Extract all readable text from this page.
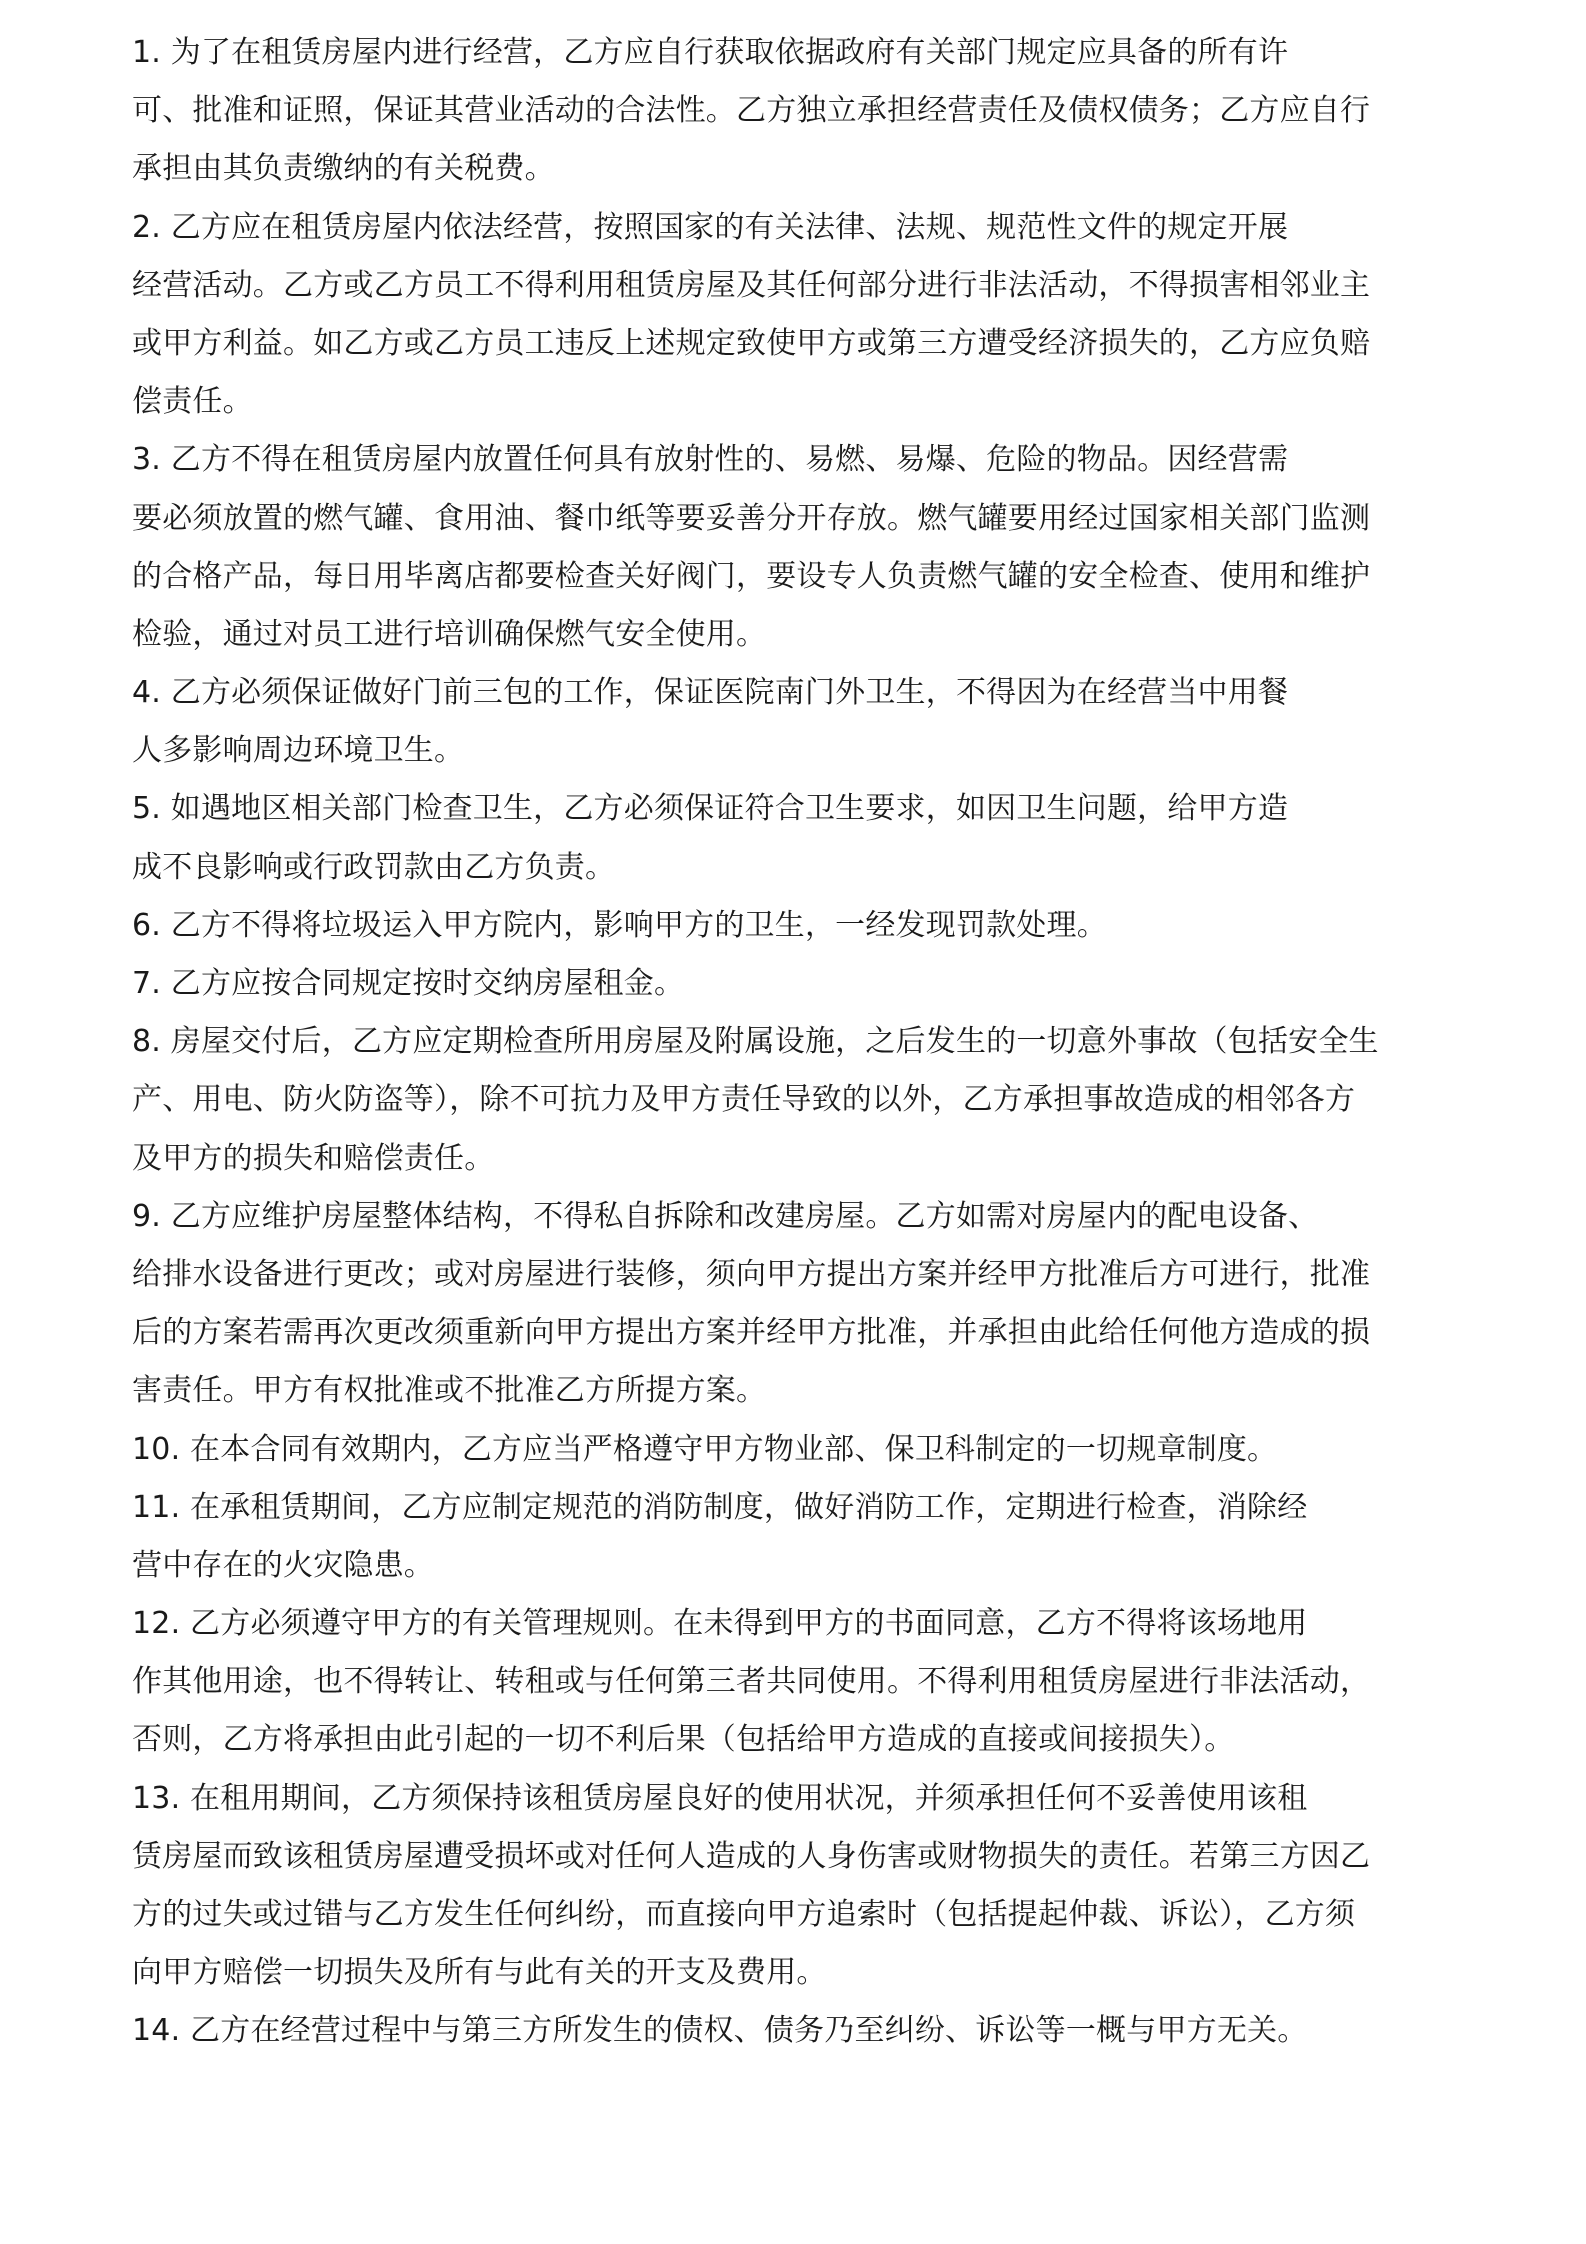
1. 为了在租赁房屋内进行经营，乙方应自行获取依据政府有关部门规定应具备的所有许
可、批准和证照，保证其营业活动的合法性。乙方独立承担经营责任及债权债务；乙方应自行
承担由其负责缴纳的有关税费。
2. 乙方应在租赁房屋内依法经营，按照国家的有关法律、法规、规范性文件的规定开展
经营活动。乙方或乙方员工不得利用租赁房屋及其任何部分进行非法活动，不得损害相邻业主
或甲方利益。如乙方或乙方员工违反上述规定致使甲方或第三方遭受经济损失的，乙方应负赔
偿责任。
3. 乙方不得在租赁房屋内放置任何具有放射性的、易燃、易爆、危险的物品。因经营需
要必须放置的燃气罐、食用油、餐巾纸等要妥善分开存放。燃气罐要用经过国家相关部门监测
的合格产品，每日用毕离店都要检查关好阀门，要设专人负责燃气罐的安全检查、使用和维护
检验，通过对员工进行培训确保燃气安全使用。
4. 乙方必须保证做好门前三包的工作，保证医院南门外卫生，不得因为在经营当中用餐
人多影响周边环境卫生。
5. 如遇地区相关部门检查卫生，乙方必须保证符合卫生要求，如因卫生问题，给甲方造
成不良影响或行政罚款由乙方负责。
6. 乙方不得将垃圾运入甲方院内，影响甲方的卫生，一经发现罚款处理。
7. 乙方应按合同规定按时交纳房屋租金。
8. 房屋交付后，乙方应定期检查所用房屋及附属设施，之后发生的一切意外事故（包括安全生
产、用电、防火防盗等），除不可抗力及甲方责任导致的以外，乙方承担事故造成的相邻各方
及甲方的损失和赔偿责任。
9. 乙方应维护房屋整体结构，不得私自拆除和改建房屋。乙方如需对房屋内的配电设备、
给排水设备进行更改；或对房屋进行装修，须向甲方提出方案并经甲方批准后方可进行，批准
后的方案若需再次更改须重新向甲方提出方案并经甲方批准，并承担由此给任何他方造成的损
害责任。甲方有权批准或不批准乙方所提方案。
10. 在本合同有效期内，乙方应当严格遵守甲方物业部、保卫科制定的一切规章制度。
11. 在承租赁期间，乙方应制定规范的消防制度，做好消防工作，定期进行检查，消除经
营中存在的火灾隐患。
12. 乙方必须遵守甲方的有关管理规则。在未得到甲方的书面同意，乙方不得将该场地用
作其他用途，也不得转让、转租或与任何第三者共同使用。不得利用租赁房屋进行非法活动，
否则，乙方将承担由此引起的一切不利后果（包括给甲方造成的直接或间接损失）。
13. 在租用期间，乙方须保持该租赁房屋良好的使用状况，并须承担任何不妥善使用该租
赁房屋而致该租赁房屋遭受损坏或对任何人造成的人身伤害或财物损失的责任。若第三方因乙
方的过失或过错与乙方发生任何纠纷，而直接向甲方追索时（包括提起仲裁、诉讼），乙方须
向甲方赔偿一切损失及所有与此有关的开支及费用。
14. 乙方在经营过程中与第三方所发生的债权、债务乃至纠纷、诉讼等一概与甲方无关。
